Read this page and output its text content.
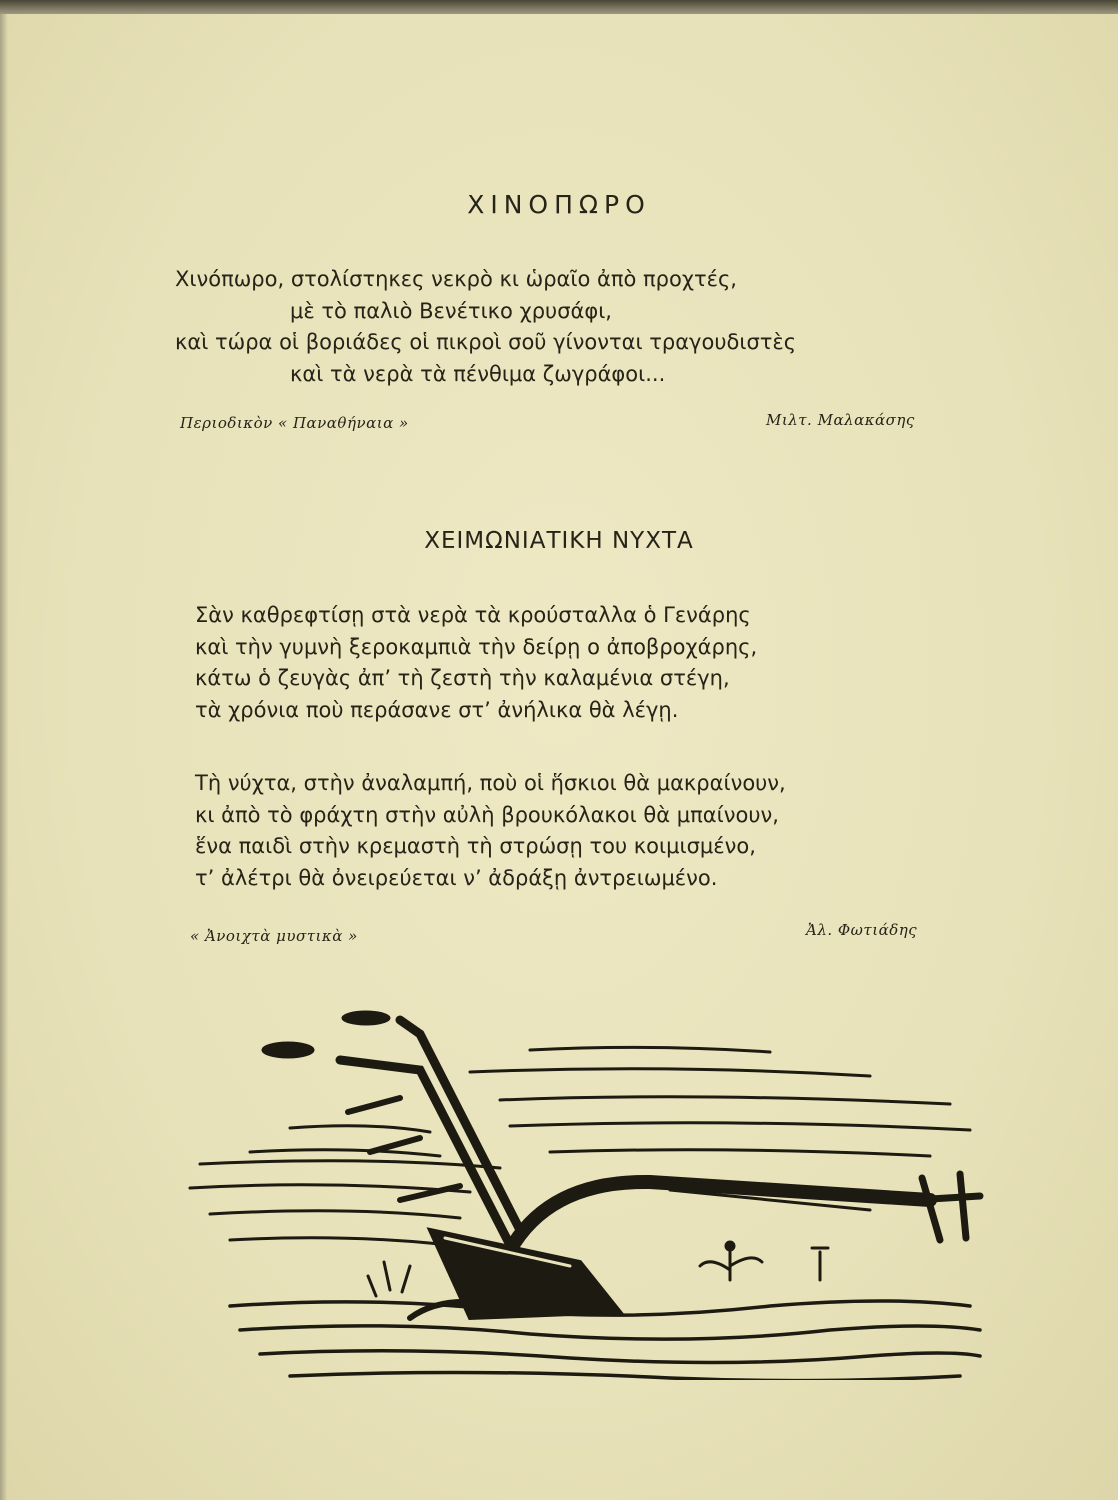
ΧΙΝΟΠΩΡΟ
Χινόπωρο, στολίστηκες νεκρὸ κι ὡραῖο ἀπὸ προχτές,
μὲ τὸ παλιὸ Βενέτικο χρυσάφι,
καὶ τώρα οἱ βοριάδες οἱ πικροὶ σοῦ γίνονται τραγουδιστὲς
καὶ τὰ νερὰ τὰ πένθιμα ζωγράφοι...
Περιοδικὸν « Παναθήναια »	Μιλτ. Μαλακάσης
ΧΕΙΜΩΝΙΑΤΙΚΗ ΝΥΧΤΑ
Σὰν καθρεφτίσῃ στὰ νερὰ τὰ κρούσταλλα ὁ Γενάρης
καὶ τὴν γυμνὴ ξεροκαμπιὰ τὴν δείρῃ ο ἀποβροχάρης,
κάτω ὁ ζευγὰς ἀπ’ τὴ ζεστὴ τὴν καλαμένια στέγη,
τὰ χρόνια ποὺ περάσανε στ’ ἀνήλικα θὰ λέγῃ.
Τὴ νύχτα, στὴν ἀναλαμπή, ποὺ οἱ ἥσκιοι θὰ μακραίνουν,
κι ἀπὸ τὸ φράχτη στὴν αὐλὴ βρουκόλακοι θὰ μπαίνουν,
ἕνα παιδὶ στὴν κρεμαστὴ τὴ στρώσῃ του κοιμισμένο,
τ’ ἀλέτρι θὰ ὀνειρεύεται ν’ ἀδράξῃ ἀντρειωμένο.
« Ἀνοιχτὰ μυστικὰ »	Ἀλ. Φωτιάδης
